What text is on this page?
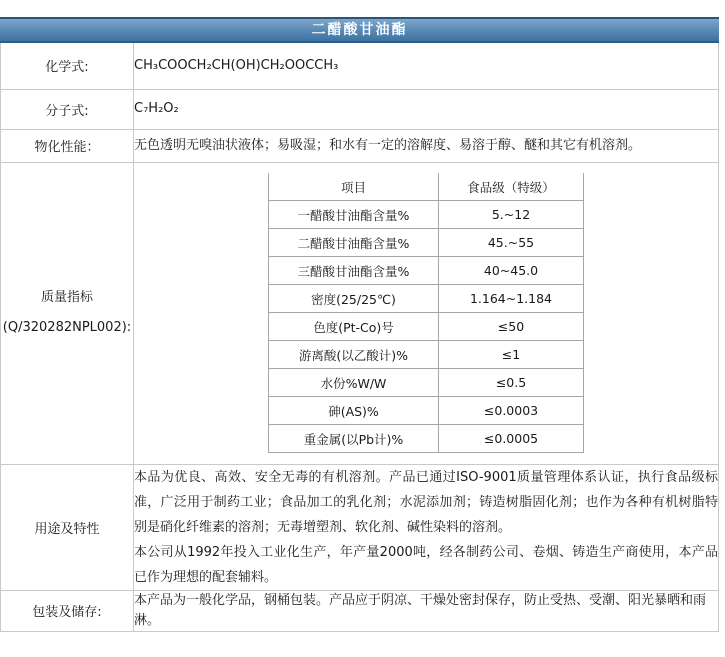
二醋酸甘油酯
化学式:	CH₃COOCH₂CH(OH)CH₂OOCCH₃
分子式:	C₇H₂O₂
物化性能：	无色透明无嗅油状液体；易吸湿；和水有一定的溶解度、易溶于醇、醚和其它有机溶剂。

质量指标
(Q/320282NPL002):

项目	食品级（特级）
一醋酸甘油酯含量%	5.~12
二醋酸甘油酯含量%	45.~55
三醋酸甘油酯含量%	40~45.0
密度(25/25℃)	1.164~1.184
色度(Pt-Co)号	≤50
游离酸(以乙酸计)%	≤1
水份%W/W	≤0.5
砷(AS)%	≤0.0003
重金属(以Pb计)%	≤0.0005

用途及特性	

本品为优良、高效、安全无毒的有机溶剂。产品已通过ISO-9001质量管理体系认证，执行食品级标准，广泛用于制药工业；食品加工的乳化剂；水泥添加剂；铸造树脂固化剂；也作为各种有机树脂特别是硝化纤维素的溶剂；无毒增塑剂、软化剂、碱性染料的溶剂。

本公司从1992年投入工业化生产，年产量2000吨，经各制药公司、卷烟、铸造生产商使用，本产品已作为理想的配套辅料。

包装及储存:	本产品为一般化学品，钢桶包装。产品应于阴凉、干燥处密封保存，防止受热、受潮、阳光暴晒和雨淋。
